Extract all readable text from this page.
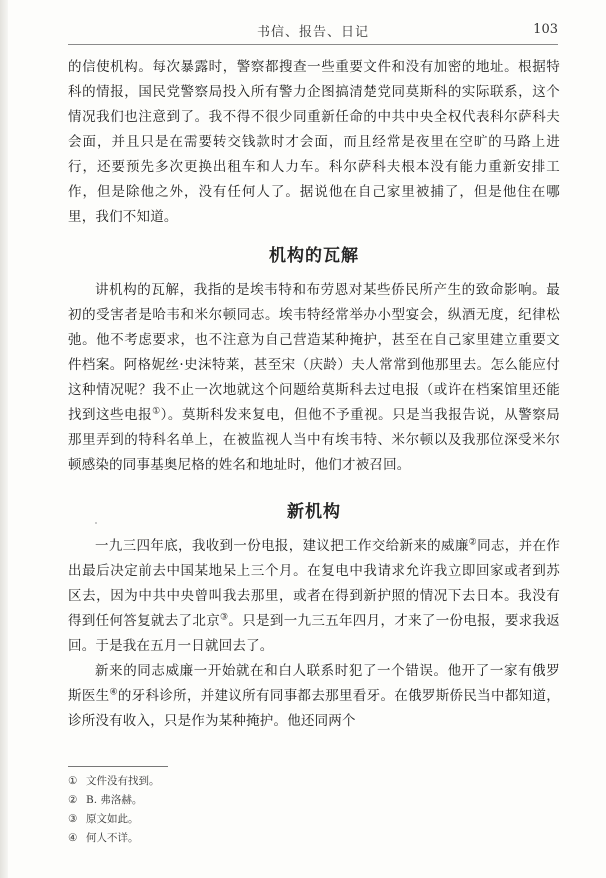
书信、报告、日记	103

的信使机构。每次暴露时，警察都搜查一些重要文件和没有加密的地址。根据特科的情报，国民党警察局投入所有警力企图搞清楚党同莫斯科的实际联系，这个情况我们也注意到了。我不得不很少同重新任命的中共中央全权代表科尔萨科夫会面，并且只是在需要转交钱款时才会面，而且经常是夜里在空旷的马路上进行，还要预先多次更换出租车和人力车。科尔萨科夫根本没有能力重新安排工作，但是除他之外，没有任何人了。据说他在自己家里被捕了，但是他住在哪里，我们不知道。

机构的瓦解

讲机构的瓦解，我指的是埃韦特和布劳恩对某些侨民所产生的致命影响。最初的受害者是哈韦和米尔顿同志。埃韦特经常举办小型宴会，纵酒无度，纪律松弛。他不考虑要求，也不注意为自己营造某种掩护，甚至在自己家里建立重要文件档案。阿格妮丝·史沫特莱，甚至宋（庆龄）夫人常常到他那里去。怎么能应付这种情况呢？我不止一次地就这个问题给莫斯科去过电报（或许在档案馆里还能找到这些电报①）。莫斯科发来复电，但他不予重视。只是当我报告说，从警察局那里弄到的特科名单上，在被监视人当中有埃韦特、米尔顿以及我那位深受米尔顿感染的同事基奥尼格的姓名和地址时，他们才被召回。

新机构

一九三四年底，我收到一份电报，建议把工作交给新来的威廉②同志，并在作出最后决定前去中国某地呆上三个月。在复电中我请求允许我立即回家或者到苏区去，因为中共中央曾叫我去那里，或者在得到新护照的情况下去日本。我没有得到任何答复就去了北京③。只是到一九三五年四月，才来了一份电报，要求我返回。于是我在五月一日就回去了。

新来的同志威廉一开始就在和白人联系时犯了一个错误。他开了一家有俄罗斯医生④的牙科诊所，并建议所有同事都去那里看牙。在俄罗斯侨民当中都知道，诊所没有收入，只是作为某种掩护。他还同两个

① 文件没有找到。

② B. 弗洛赫。

③ 原文如此。

④ 何人不详。
